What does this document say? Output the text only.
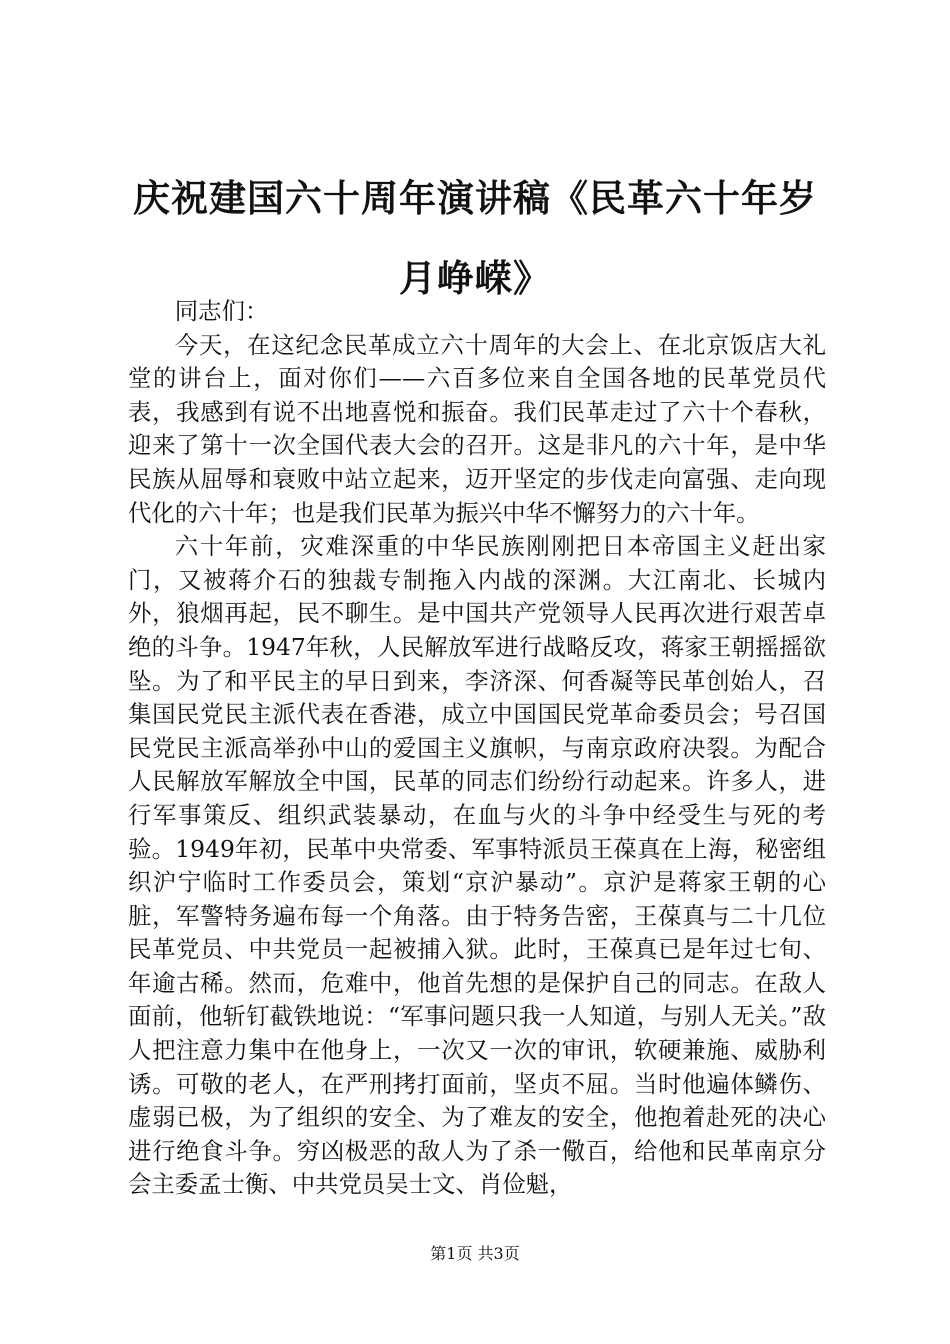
庆祝建国六十周年演讲稿《民革六十年岁月峥嵘》
同志们：

今天，在这纪念民革成立六十周年的大会上、在北京饭店大礼堂的讲台上，面对你们——六百多位来自全国各地的民革党员代表，我感到有说不出地喜悦和振奋。我们民革走过了六十个春秋，迎来了第十一次全国代表大会的召开。这是非凡的六十年，是中华民族从屈辱和衰败中站立起来，迈开坚定的步伐走向富强、走向现代化的六十年；也是我们民革为振兴中华不懈努力的六十年。

六十年前，灾难深重的中华民族刚刚把日本帝国主义赶出家门，又被蒋介石的独裁专制拖入内战的深渊。大江南北、长城内外，狼烟再起，民不聊生。是中国共产党领导人民再次进行艰苦卓绝的斗争。1947年秋，人民解放军进行战略反攻，蒋家王朝摇摇欲坠。为了和平民主的早日到来，李济深、何香凝等民革创始人，召集国民党民主派代表在香港，成立中国国民党革命委员会；号召国民党民主派高举孙中山的爱国主义旗帜，与南京政府决裂。为配合人民解放军解放全中国，民革的同志们纷纷行动起来。许多人，进行军事策反、组织武装暴动，在血与火的斗争中经受生与死的考验。1949年初，民革中央常委、军事特派员王葆真在上海，秘密组织沪宁临时工作委员会，策划“京沪暴动”。京沪是蒋家王朝的心脏，军警特务遍布每一个角落。由于特务告密，王葆真与二十几位民革党员、中共党员一起被捕入狱。此时，王葆真已是年过七旬、年逾古稀。然而，危难中，他首先想的是保护自己的同志。在敌人面前，他斩钉截铁地说：“军事问题只我一人知道，与别人无关。”敌人把注意力集中在他身上，一次又一次的审讯，软硬兼施、威胁利诱。可敬的老人，在严刑拷打面前，坚贞不屈。当时他遍体鳞伤、虚弱已极，为了组织的安全、为了难友的安全，他抱着赴死的决心进行绝食斗争。穷凶极恶的敌人为了杀一儆百，给他和民革南京分会主委孟士衡、中共党员吴士文、肖俭魁，

第1页 共3页
